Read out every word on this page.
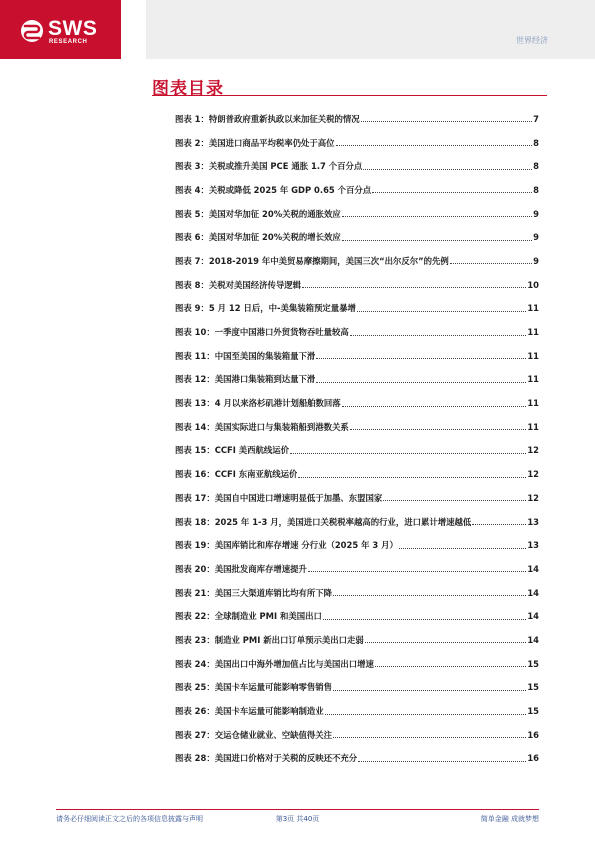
SWS
RESEARCH	世界经济
图表目录
图表 1：特朗普政府重新执政以来加征关税的情况	7
图表 2：美国进口商品平均税率仍处于高位	8
图表 3：关税或推升美国 PCE 通胀 1.7 个百分点	8
图表 4：关税或降低 2025 年 GDP 0.65 个百分点	8
图表 5：美国对华加征 20%关税的通胀效应	9
图表 6：美国对华加征 20%关税的增长效应	9
图表 7：2018-2019 年中美贸易摩擦期间，美国三次“出尔反尔”的先例	9
图表 8：关税对美国经济传导逻辑	10
图表 9：5 月 12 日后，中-美集装箱预定量暴增	11
图表 10：一季度中国港口外贸货物吞吐量较高	11
图表 11：中国至美国的集装箱量下滑	11
图表 12：美国港口集装箱到达量下滑	11
图表 13：4 月以来洛杉矶港计划船舶数回落	11
图表 14：美国实际进口与集装箱船到港数关系	11
图表 15：CCFI 美西航线运价	12
图表 16：CCFI 东南亚航线运价	12
图表 17：美国自中国进口增速明显低于加墨、东盟国家	12
图表 18：2025 年 1-3 月，美国进口关税税率越高的行业，进口累计增速越低	13
图表 19：美国库销比和库存增速 分行业（2025 年 3 月）	13
图表 20：美国批发商库存增速提升	14
图表 21：美国三大渠道库销比均有所下降	14
图表 22：全球制造业 PMI 和美国出口	14
图表 23：制造业 PMI 新出口订单预示美出口走弱	14
图表 24：美国出口中海外增加值占比与美国出口增速	15
图表 25：美国卡车运量可能影响零售销售	15
图表 26：美国卡车运量可能影响制造业	15
图表 27：交运仓储业就业、空缺值得关注	16
图表 28：美国进口价格对于关税的反映还不充分	16
请务必仔细阅读正文之后的各项信息披露与声明	第3页 共40页	简单金融 成就梦想
